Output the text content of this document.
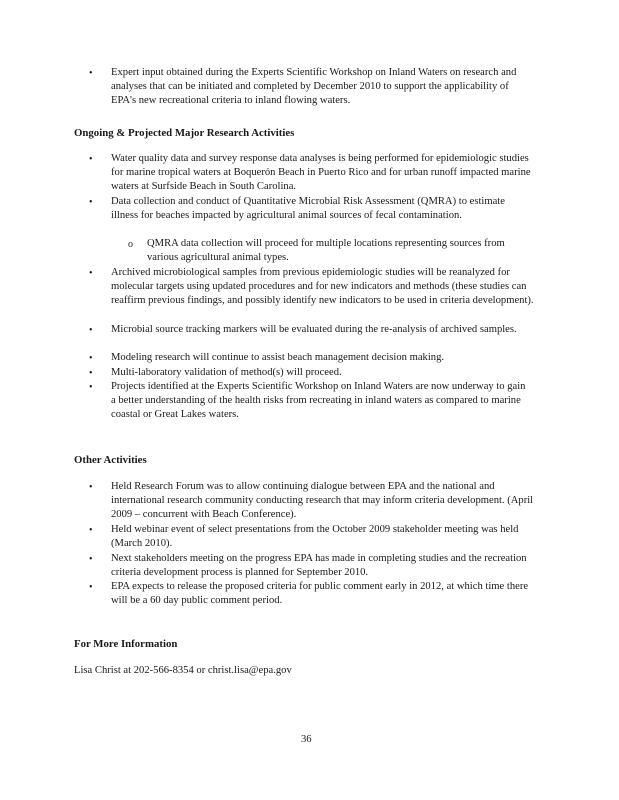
• Expert input obtained during the Experts Scientific Workshop on Inland Waters on research and analyses that can be initiated and completed by December 2010 to support the applicability of EPA's new recreational criteria to inland flowing waters.
Ongoing & Projected Major Research Activities
• Water quality data and survey response data analyses is being performed for epidemiologic studies for marine tropical waters at Boquerón Beach in Puerto Rico and for urban runoff impacted marine waters at Surfside Beach in South Carolina.
• Data collection and conduct of Quantitative Microbial Risk Assessment (QMRA) to estimate illness for beaches impacted by agricultural animal sources of fecal contamination.
o QMRA data collection will proceed for multiple locations representing sources from various agricultural animal types.
• Archived microbiological samples from previous epidemiologic studies will be reanalyzed for molecular targets using updated procedures and for new indicators and methods (these studies can reaffirm previous findings, and possibly identify new indicators to be used in criteria development).
• Microbial source tracking markers will be evaluated during the re-analysis of archived samples.
• Modeling research will continue to assist beach management decision making.
• Multi-laboratory validation of method(s) will proceed.
• Projects identified at the Experts Scientific Workshop on Inland Waters are now underway to gain a better understanding of the health risks from recreating in inland waters as compared to marine coastal or Great Lakes waters.
Other Activities
• Held Research Forum was to allow continuing dialogue between EPA and the national and international research community conducting research that may inform criteria development. (April 2009 – concurrent with Beach Conference).
• Held webinar event of select presentations from the October 2009 stakeholder meeting was held (March 2010).
• Next stakeholders meeting on the progress EPA has made in completing studies and the recreation criteria development process is planned for September 2010.
• EPA expects to release the proposed criteria for public comment early in 2012, at which time there will be a 60 day public comment period.
For More Information
Lisa Christ at 202-566-8354 or christ.lisa@epa.gov
36
